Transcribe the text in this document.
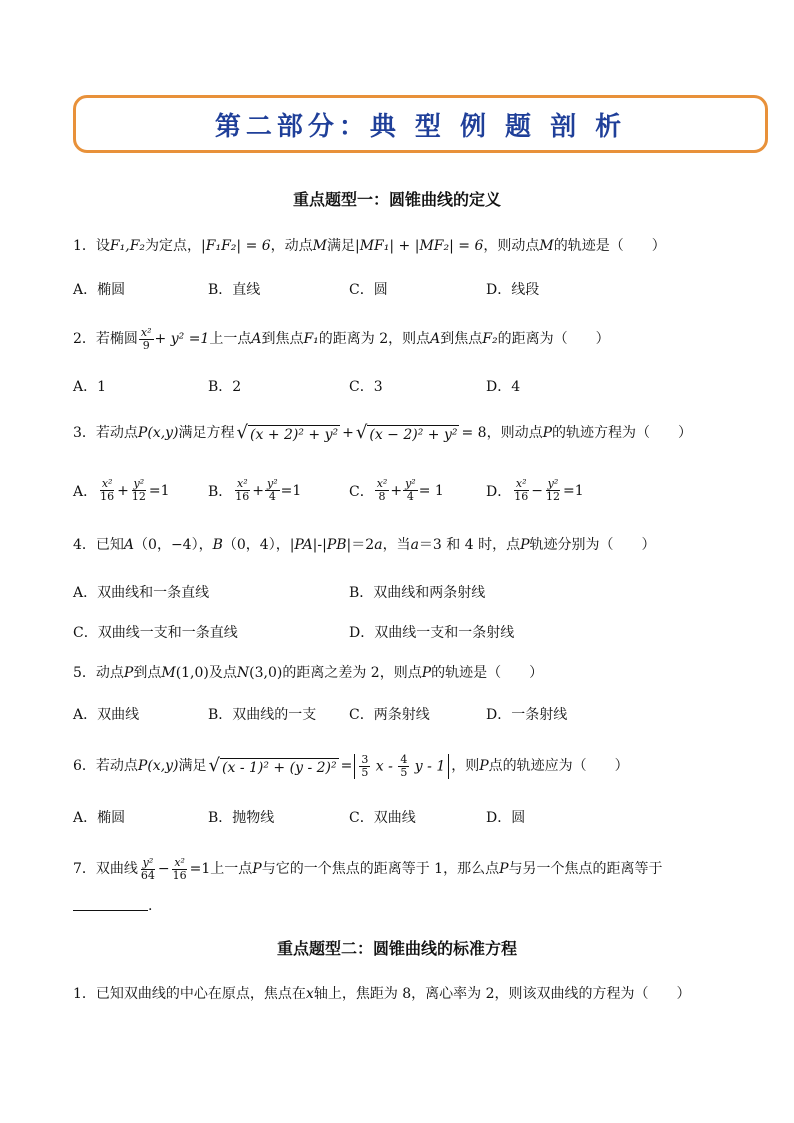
第二部分：典 型 例 题 剖 析
重点题型一：圆锥曲线的定义
1． 设 F₁,F₂ 为定点， |F₁F₂| = 6 ，动点 M 满足 |MF₁| + |MF₂| = 6 ，则动点 M 的轨迹是（　　）
A．椭圆	B．直线	C．圆	D．线段
2． 若椭圆 $\frac{\text{x²}}{9} + y^2 =1$ 上一点 A 到焦点 F₁ 的距离为 2，则点 A 到焦点 F₂ 的距离为（　　）
A．1	B．2	C．3	D．4
3． 若动点 P(x,y) 满足方程 √ (x + 2)² + y² + √ (x − 2)² + y² = 8 ，则动点 P 的轨迹方程为（　　）
A． $\frac{\text{x²}}{16} + \frac{\text{y²}}{12} =1$	B． $\frac{\text{x²}}{16} + \frac{\text{y²}}{4} =1$	C． $\frac{\text{x²}}{8} + \frac{\text{y²}}{4} = 1$	D． $\frac{\text{x²}}{16} - \frac{\text{y²}}{12} =1$
4． 已知 A （0，−4）， B （0，4）， |PA|-|PB| ＝2 a ，当 a ＝3 和 4 时，点 P 轨迹分别为（　　）
A．双曲线和一条直线	B．双曲线和两条射线
C．双曲线一支和一条直线	D．双曲线一支和一条射线
5． 动点 P 到点 M (1,0) 及点 N (3,0) 的距离之差为 2，则点 P 的轨迹是（　　）
A．双曲线	B．双曲线的一支 C．两条射线	D．一条射线
6． 若动点 P(x,y) 满足 √ $(x - 1)^2 + (y - 2)^2 = \frac{3}{5}$ x - $\frac{4}{5}$ y - 1 ，则 P 点的轨迹应为（　　）
A．椭圆	B．抛物线	C．双曲线	D．圆
7． 双曲线 $\frac{\text{y²}}{64} - \frac{\text{x²}}{16} =1$ 上一点 P 与它的一个焦点的距离等于 1，那么点 P 与另一个焦点的距离等于
.
重点题型二：圆锥曲线的标准方程
1． 已知双曲线的中心在原点，焦点在 x 轴上，焦距为 8，离心率为 2，则该双曲线的方程为（　　）
